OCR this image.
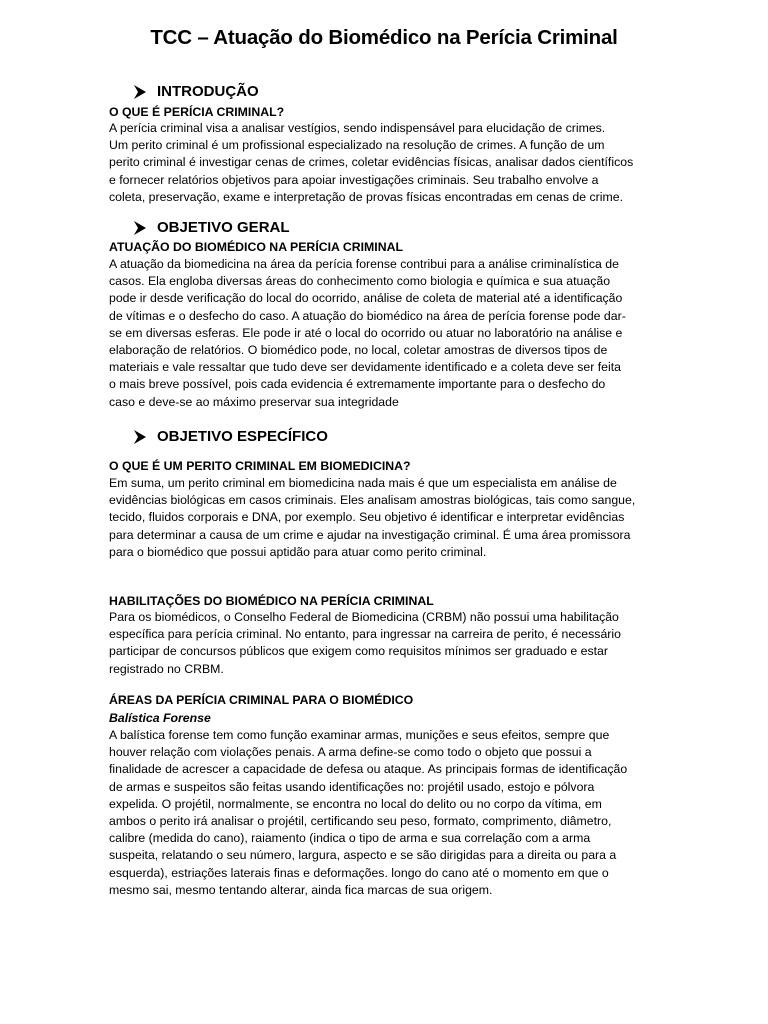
TCC – Atuação do Biomédico na Perícia Criminal
INTRODUÇÃO
O QUE É PERÍCIA CRIMINAL?

A perícia criminal visa a analisar vestígios, sendo indispensável para elucidação de crimes.
Um perito criminal é um profissional especializado na resolução de crimes. A função de um
perito criminal é investigar cenas de crimes, coletar evidências físicas, analisar dados científicos
e fornecer relatórios objetivos para apoiar investigações criminais. Seu trabalho envolve a
coleta, preservação, exame e interpretação de provas físicas encontradas em cenas de crime.

OBJETIVO GERAL
ATUAÇÃO DO BIOMÉDICO NA PERÍCIA CRIMINAL

A atuação da biomedicina na área da perícia forense contribui para a análise criminalística de
casos. Ela engloba diversas áreas do conhecimento como biologia e química e sua atuação
pode ir desde verificação do local do ocorrido, análise de coleta de material até a identificação
de vítimas e o desfecho do caso. A atuação do biomédico na área de perícia forense pode dar-
se em diversas esferas. Ele pode ir até o local do ocorrido ou atuar no laboratório na análise e
elaboração de relatórios. O biomédico pode, no local, coletar amostras de diversos tipos de
materiais e vale ressaltar que tudo deve ser devidamente identificado e a coleta deve ser feita
o mais breve possível, pois cada evidencia é extremamente importante para o desfecho do
caso e deve-se ao máximo preservar sua integridade

OBJETIVO ESPECÍFICO
O QUE É UM PERITO CRIMINAL EM BIOMEDICINA?

Em suma, um perito criminal em biomedicina nada mais é que um especialista em análise de
evidências biológicas em casos criminais. Eles analisam amostras biológicas, tais como sangue,
tecido, fluidos corporais e DNA, por exemplo. Seu objetivo é identificar e interpretar evidências
para determinar a causa de um crime e ajudar na investigação criminal. É uma área promissora
para o biomédico que possui aptidão para atuar como perito criminal.

HABILITAÇÕES DO BIOMÉDICO NA PERÍCIA CRIMINAL

Para os biomédicos, o Conselho Federal de Biomedicina (CRBM) não possui uma habilitação
específica para perícia criminal. No entanto, para ingressar na carreira de perito, é necessário
participar de concursos públicos que exigem como requisitos mínimos ser graduado e estar
registrado no CRBM.

ÁREAS DA PERÍCIA CRIMINAL PARA O BIOMÉDICO
Balística Forense

A balística forense tem como função examinar armas, munições e seus efeitos, sempre que
houver relação com violações penais. A arma define-se como todo o objeto que possui a
finalidade de acrescer a capacidade de defesa ou ataque. As principais formas de identificação
de armas e suspeitos são feitas usando identificações no: projétil usado, estojo e pólvora
expelida. O projétil, normalmente, se encontra no local do delito ou no corpo da vítima, em
ambos o perito irá analisar o projétil, certificando seu peso, formato, comprimento, diâmetro,
calibre (medida do cano), raiamento (indica o tipo de arma e sua correlação com a arma
suspeita, relatando o seu número, largura, aspecto e se são dirigidas para a direita ou para a
esquerda), estriações laterais finas e deformações. longo do cano até o momento em que o
mesmo sai, mesmo tentando alterar, ainda fica marcas de sua origem.
